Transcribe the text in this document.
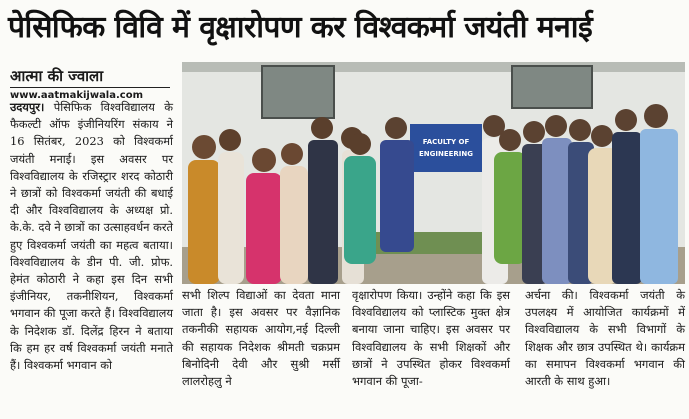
पेसिफिक विवि में वृक्षारोपण कर विश्वकर्मा जयंती मनाई
आत्मा की ज्वाला
www.aatmakijwala.com
उदयपुर। पेसिफिक विश्वविद्यालय के फैकल्टी ऑफ इंजीनियरिंग संकाय ने 16 सितंबर, 2023 को विश्वकर्मा जयंती मनाई। इस अवसर पर विश्वविद्यालय के रजिस्ट्रार शरद कोठारी ने छात्रों को विश्वकर्मा जयंती की बधाई दी और विश्वविद्यालय के अध्यक्ष प्रो. के.के. दवे ने छात्रों का उत्साहवर्धन करते हुए विश्वकर्मा जयंती का महत्व बताया। विश्वविद्यालय के डीन पी. जी. प्रोफ. हेमंत कोठारी ने कहा इस दिन सभी इंजीनियर, तकनीशियन, विश्वकर्मा भगवान की पूजा करते हैं। विश्वविद्यालय के निदेशक डॉ. दिलेंद्र हिरन ने बताया कि हम हर वर्ष विश्वकर्मा जयंती मनाते हैं। विश्वकर्मा भगवान को
FACULTY OF
ENGINEERING
सभी शिल्प विद्याओं का देवता माना जाता है। इस अवसर पर वैज्ञानिक तकनीकी सहायक आयोग,नई दिल्ली की सहायक निदेशक श्रीमती चक्रप्रम बिनोदिनी देवी और सुश्री मर्सी लालरोहलु ने
वृक्षारोपण किया। उन्होंने कहा कि इस विश्वविद्यालय को प्लास्टिक मुक्त क्षेत्र बनाया जाना चाहिए। इस अवसर पर विश्वविद्यालय के सभी शिक्षकों और छात्रों ने उपस्थित होकर विश्वकर्मा भगवान की पूजा-
अर्चना की। विश्वकर्मा जयंती के उपलक्ष्य में आयोजित कार्यक्रमों में विश्वविद्यालय के सभी विभागों के शिक्षक और छात्र उपस्थित थे। कार्यक्रम का समापन विश्वकर्मा भगवान की आरती के साथ हुआ।
